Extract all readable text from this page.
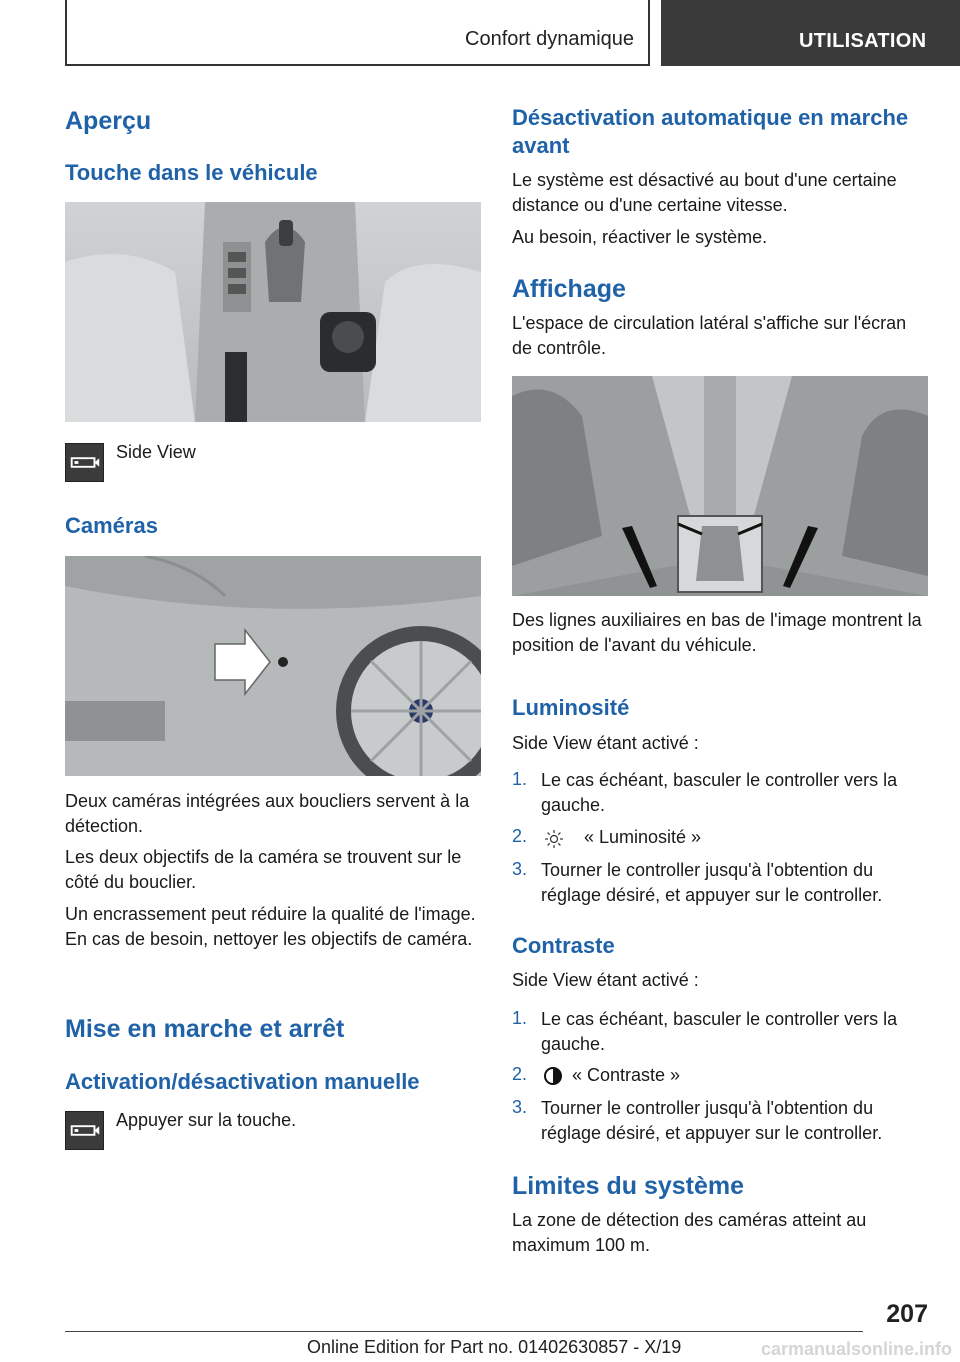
Confort dynamique	UTILISATION
Aperçu
Touche dans le véhicule
Side View
Caméras
Deux caméras intégrées aux boucliers servent à la détection.
Les deux objectifs de la caméra se trouvent sur le côté du bouclier.
Un encrassement peut réduire la qualité de l'image. En cas de besoin, nettoyer les objectifs de caméra.
Mise en marche et arrêt
Activation/désactivation manuelle
Appuyer sur la touche.
Désactivation automatique en marche avant
Le système est désactivé au bout d'une certaine distance ou d'une certaine vitesse.
Au besoin, réactiver le système.
Affichage
L'espace de circulation latéral s'affiche sur l'écran de contrôle.
Des lignes auxiliaires en bas de l'image montrent la position de l'avant du véhicule.
Luminosité
Side View étant activé :
1. Le cas échéant, basculer le controller vers la gauche.
2.	« Luminosité »
3. Tourner le controller jusqu'à l'obtention du réglage désiré, et appuyer sur le controller.
Contraste
Side View étant activé :
1. Le cas échéant, basculer le controller vers la gauche.
2. « Contraste »
3. Tourner le controller jusqu'à l'obtention du réglage désiré, et appuyer sur le controller.
Limites du système
La zone de détection des caméras atteint au maximum 100 m.
207
Online Edition for Part no. 01402630857 - X/19	carmanualsonline.info
